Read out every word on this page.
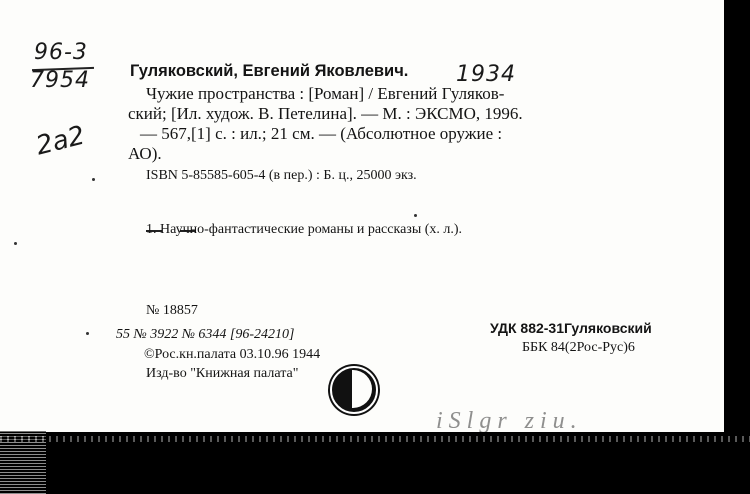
96-3
7954
2a2
Гуляковский, Евгений Яковлевич. 1934
Чужие пространства : [Роман] / Евгений Гуляков-
ский; [Ил. худож. В. Петелина]. — М. : ЭКСМО, 1996.
— 567,[1] с. : ил.; 21 см. — (Абсолютное оружие :
АО).
ISBN 5-85585-605-4 (в пер.) : Б. ц., 25000 экз.
1. Научно-фантастические романы и рассказы (х. л.).
№ 18857
55 № 3922 № 6344 [96-24210]
©Рос.кн.палата 03.10.96 1944
Изд-во "Книжная палата"
УДК 882-31Гуляковский
ББК 84(2Рос-Рус)6
iSlgr ziu.
